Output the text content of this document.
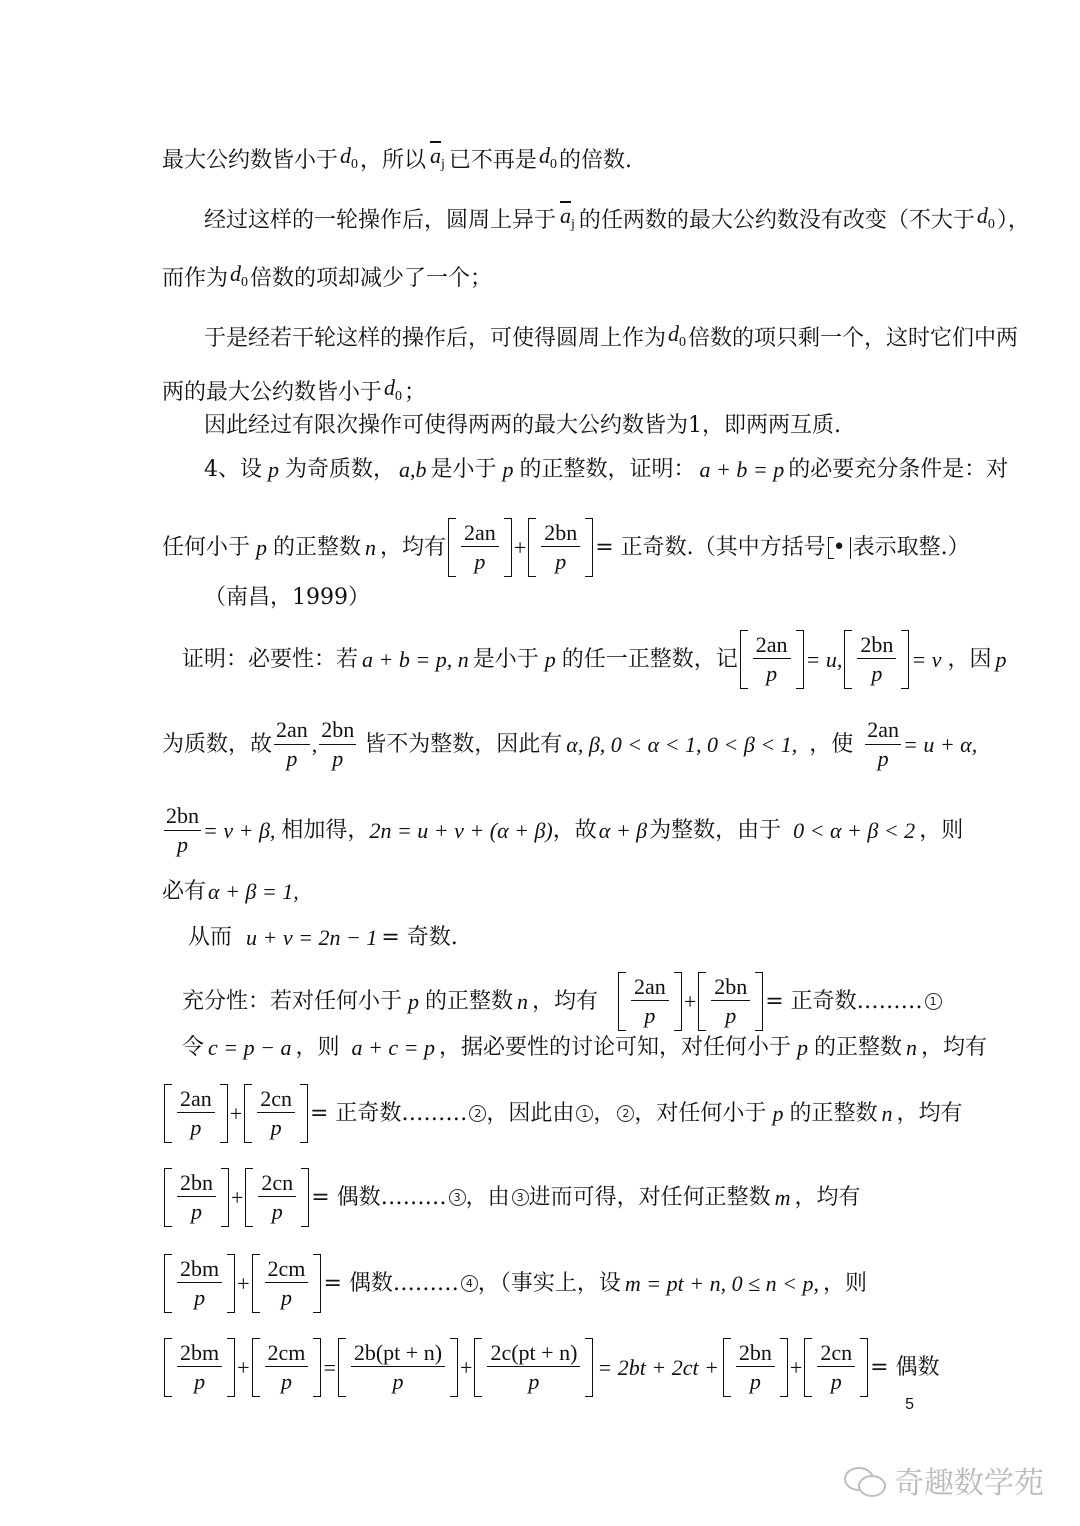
最大公约数皆小于 $d_0$ ，所以 $\overline{a}_j$ 已不再是 $d_0$ 的倍数.
经过这样的一轮操作后，圆周上异于 $\overline{a}_j$ 的任两数的最大公约数没有改变（不大于 $d_0$ ），
而作为 $d_0$ 倍数的项却减少了一个；
于是经若干轮这样的操作后，可使得圆周上作为 $d_0$ 倍数的项只剩一个，这时它们中两
两的最大公约数皆小于 $d_0$ ；
因此经过有限次操作可使得两两的最大公约数皆为1，即两两互质.
4、设 p 为奇质数， a,b 是小于 p 的正整数，证明： a + b = p 的必要充分条件是：对
任何小于 p 的正整数 n ，均有 $\frac{2an}{p} + \frac{2bn}{p}$ = 正奇数.（其中方括号 • 表示取整.）
（南昌，1999）
证明：必要性：若 a + b = p, n 是小于 p 的任一正整数，记 $\frac{2an}{p} = u$, $\frac{2bn}{p} = v$ ，因 p
为质数，故 $\frac{2an}{p}$ , $\frac{2bn}{p}$ 皆不为整数，因此有 α, β, 0 < α < 1, 0 < β < 1, ，使 $\frac{2an}{p} = u + \alpha$,
$\frac{2bn}{p} = v + \beta$, 相加得， 2n = u + v + (α + β) ，故 α + β 为整数，由于 0 < α + β < 2 ，则
必有 α + β = 1,
从而 u + v = 2n − 1 = 奇数.
充分性：若对任何小于 p 的正整数 n ，均有 $\frac{2an}{p} + \frac{2bn}{p}$ = 正奇数……… 1
令 c = p − a ，则 a + c = p ，据必要性的讨论可知，对任何小于 p 的正整数 n ，均有
$\frac{2an}{p} + \frac{2cn}{p}$ = 正奇数……… 2 ，因此由 1 ， 2 ，对任何小于 p 的正整数 n ，均有
$\frac{2bn}{p} + \frac{2cn}{p}$ = 偶数……… 3 ，由 3 进而可得，对任何正整数 m ，均有
$\frac{2bm}{p} + \frac{2cm}{p}$ = 偶数……… 4 ，（事实上，设 m = pt + n, 0 ≤ n < p, ，则
$\frac{2bm}{p} + \frac{2cm}{p} = \frac{2b(pt + n)}{p} + \frac{2c(pt + n)}{p} = 2bt + 2ct + \frac{2bn}{p} + \frac{2cn}{p}$ = 偶数
5
奇趣数学苑
